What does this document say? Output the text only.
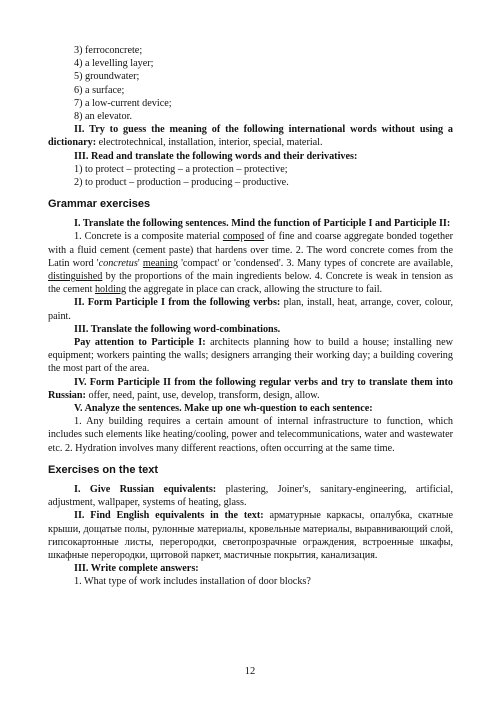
3) ferroconcrete;
4) a levelling layer;
5) groundwater;
6) a surface;
7) a low-current device;
8) an elevator.

II. Try to guess the meaning of the following international words without using a dictionary: electrotechnical, installation, interior, special, material.

III. Read and translate the following words and their derivatives:

1) to protect – protecting – a protection – protective;
2) to product – production – producing – productive.
Grammar exercises

I. Translate the following sentences. Mind the function of Participle I and Participle II:

1. Concrete is a composite material composed of fine and coarse aggregate bonded together with a fluid cement (cement paste) that hardens over time. 2. The word concrete comes from the Latin word 'concretus' meaning 'compact' or 'condensed'. 3. Many types of concrete are available, distinguished by the proportions of the main ingredients below. 4. Concrete is weak in tension as the cement holding the aggregate in place can crack, allowing the structure to fail.

II. Form Participle I from the following verbs: plan, install, heat, arrange, cover, colour, paint.

III. Translate the following word-combinations.

Pay attention to Participle I: architects planning how to build a house; installing new equipment; workers painting the walls; designers arranging their working day; a building covering the most part of the area.

IV. Form Participle II from the following regular verbs and try to translate them into Russian: offer, need, paint, use, develop, transform, design, allow.

V. Analyze the sentences. Make up one wh-question to each sentence:

1. Any building requires a certain amount of internal infrastructure to function, which includes such elements like heating/cooling, power and telecommunications, water and wastewater etc. 2. Hydration involves many different reactions, often occurring at the same time.

Exercises on the text

I. Give Russian equivalents: plastering, Joiner's, sanitary-engineering, artificial, adjustment, wallpaper, systems of heating, glass.

II. Find English equivalents in the text: арматурные каркасы, опалубка, скатные крыши, дощатые полы, рулонные материалы, кровельные материалы, выравнивающий слой, гипсокартонные листы, перегородки, светопрозрачные ограждения, встроенные шкафы, шкафные перегородки, щитовой паркет, мастичные покрытия, канализация.

III. Write complete answers:

1. What type of work includes installation of door blocks?

12
